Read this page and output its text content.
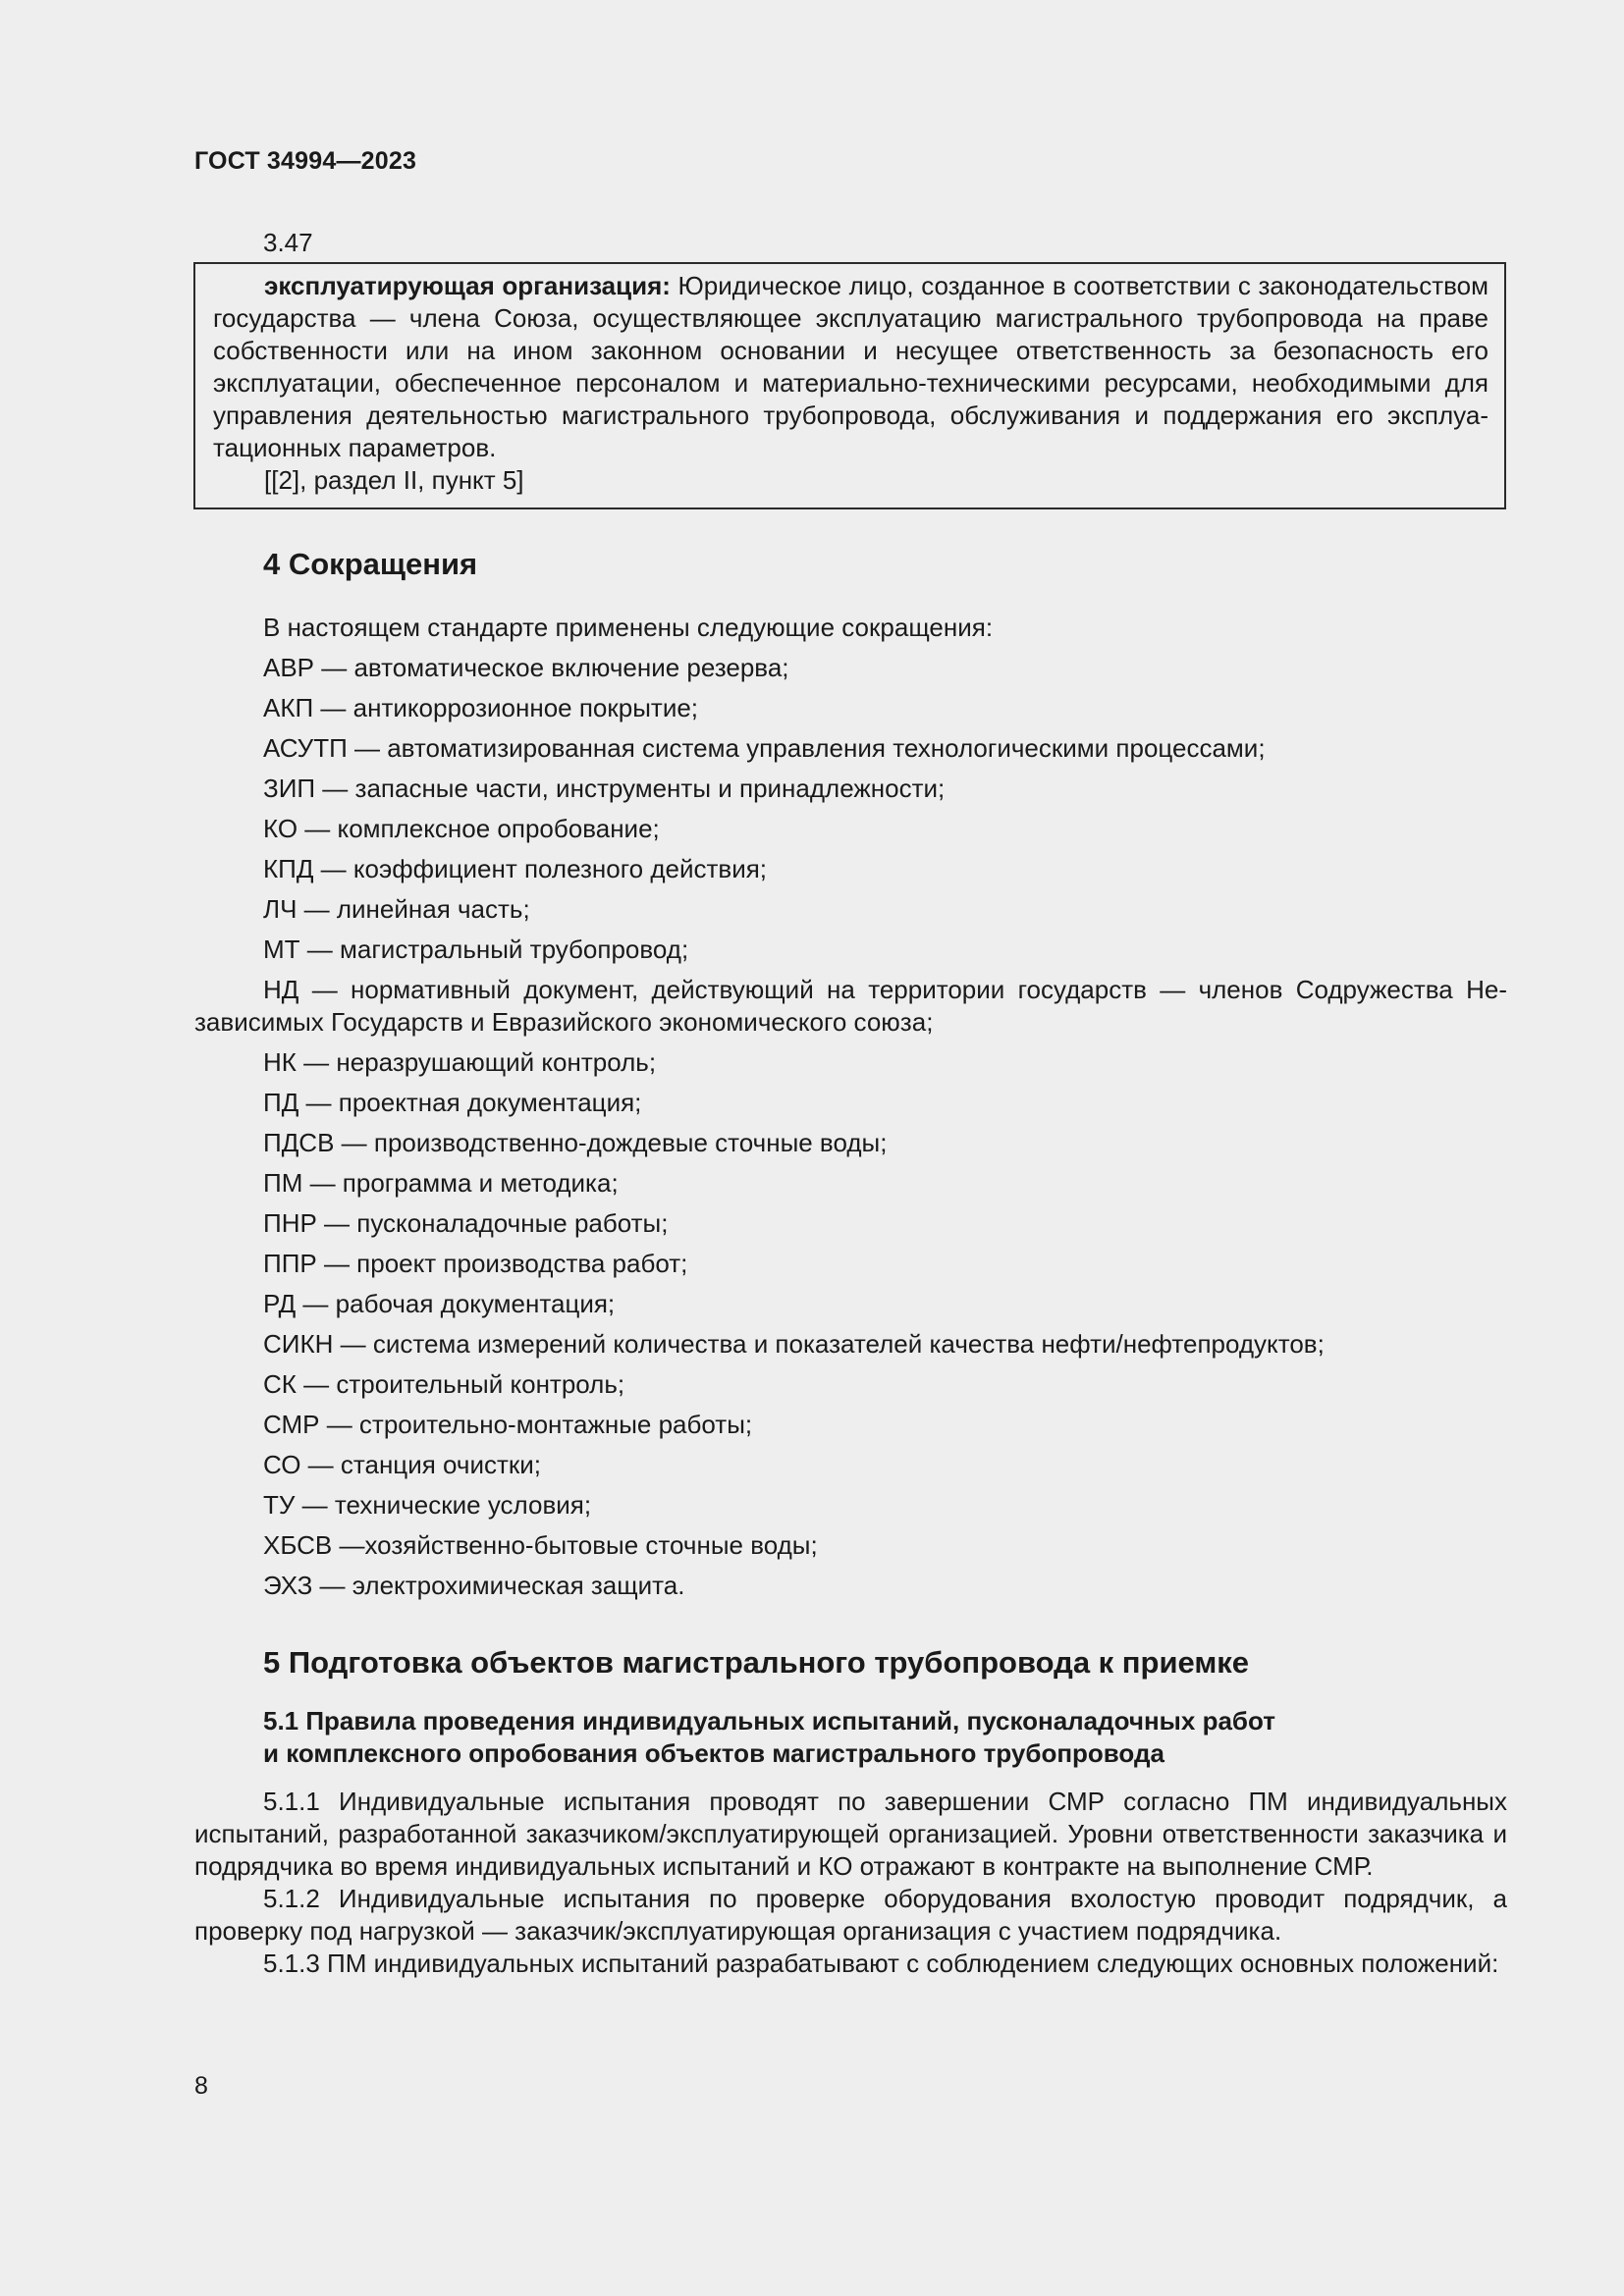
ГОСТ 34994—2023
3.47

эксплуатирующая организация: Юридическое лицо, созданное в соответствии с законодательством государства — члена Союза, осуществляющее эксплуатацию магистрального трубопровода на праве собственности или на ином законном основании и несущее ответственность за безопасность его эксплуатации, обеспеченное персоналом и материально-техническими ресурсами, необходимыми для управления деятельностью магистрального трубопровода, обслуживания и поддержания его эксплуатационных параметров.

[[2], раздел II, пункт 5]

4 Сокращения
В настоящем стандарте применены следующие сокращения:
АВР — автоматическое включение резерва;
АКП — антикоррозионное покрытие;
АСУТП — автоматизированная система управления технологическими процессами;
ЗИП — запасные части, инструменты и принадлежности;
КО — комплексное опробование;
КПД — коэффициент полезного действия;
ЛЧ — линейная часть;
МТ — магистральный трубопровод;
НД — нормативный документ, действующий на территории государств — членов Содружества Независимых Государств и Евразийского экономического союза;
НК — неразрушающий контроль;
ПД — проектная документация;
ПДСВ — производственно-дождевые сточные воды;
ПМ — программа и методика;
ПНР — пусконаладочные работы;
ППР — проект производства работ;
РД — рабочая документация;
СИКН — система измерений количества и показателей качества нефти/нефтепродуктов;
СК — строительный контроль;
СМР — строительно-монтажные работы;
СО — станция очистки;
ТУ — технические условия;
ХБСВ —хозяйственно-бытовые сточные воды;
ЭХЗ — электрохимическая защита.
5 Подготовка объектов магистрального трубопровода к приемке
5.1 Правила проведения индивидуальных испытаний, пусконаладочных работ
и комплексного опробования объектов магистрального трубопровода

5.1.1 Индивидуальные испытания проводят по завершении СМР согласно ПМ индивидуальных испытаний, разработанной заказчиком/эксплуатирующей организацией. Уровни ответственности заказчика и подрядчика во время индивидуальных испытаний и КО отражают в контракте на выполнение СМР.

5.1.2 Индивидуальные испытания по проверке оборудования вхолостую проводит подрядчик, а проверку под нагрузкой — заказчик/эксплуатирующая организация с участием подрядчика.

5.1.3 ПМ индивидуальных испытаний разрабатывают с соблюдением следующих основных положений:

8
